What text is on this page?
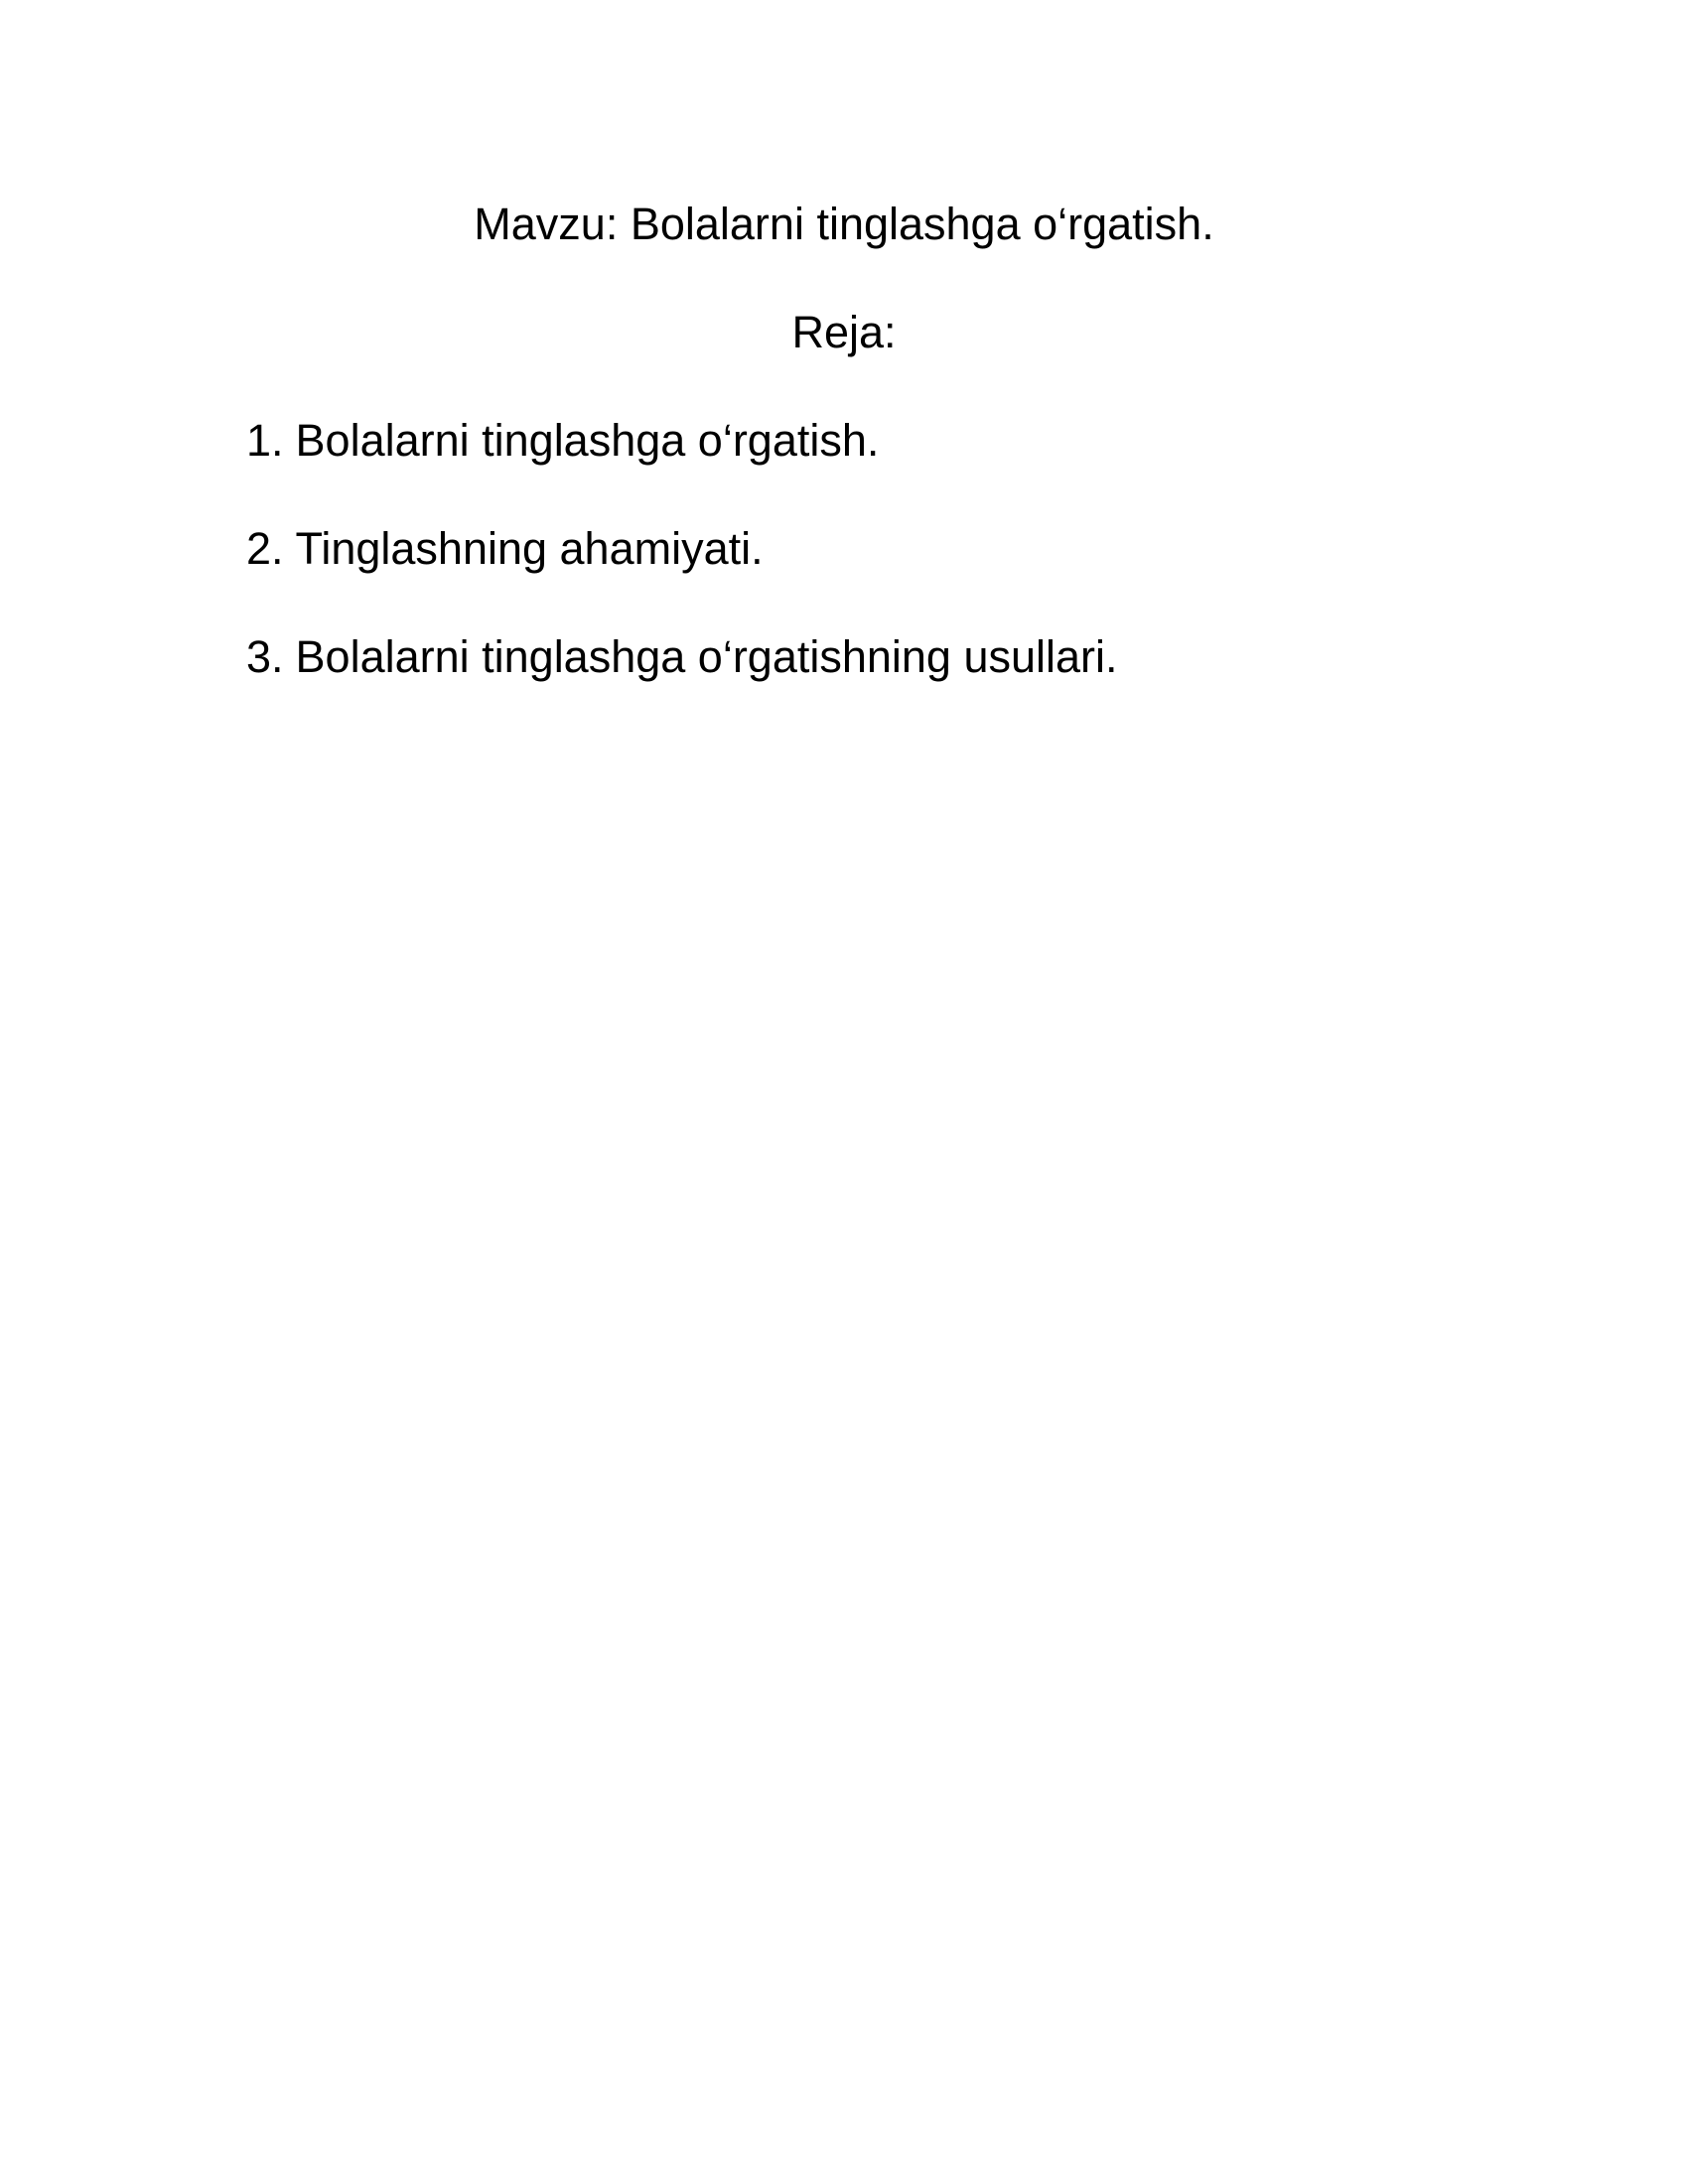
Mavzu: Bolalarni tinglashga o‘rgatish.
Reja:
1. Bolalarni tinglashga o‘rgatish.
2. Tinglashning ahamiyati.
3. Bolalarni tinglashga o‘rgatishning usullari.
